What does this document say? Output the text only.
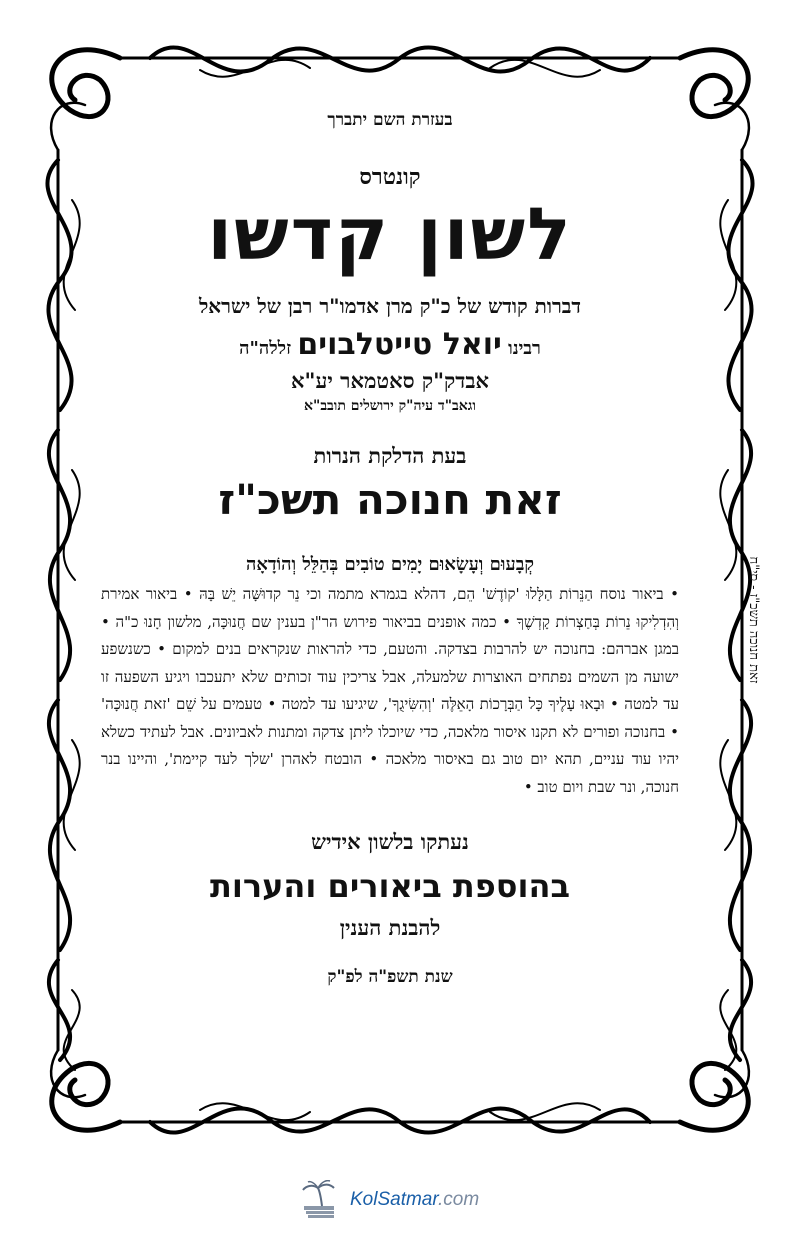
בעזרת השם יתברך
קונטרס
לשון קדשו
דברות קודש של כ"ק מרן אדמו"ר רבן של ישראל
רבינו יואל טייטלבוים זללה"ה
אבדק"ק סאטמאר יע"א
וגאב"ד עיה"ק ירושלים תובב"א
בעת הדלקת הנרות
זאת חנוכה תשכ"ז
קְבָעוּם וְעָשָׂאוּם יָמִים טוֹבִים בְּהַלֵּל וְהוֹדָאָה
• ביאור נוסח הַנֵּרוֹת הַלָּלוּ 'קוֹדֶשׁ' הֵם, דהלא בגמרא מתמה וכי נֵר קדוּשָּׁה יֵשׁ בָּהּ • ביאור אמירת וְהִדְלִיקוּ נֵרוֹת בְּחַצְרוֹת קָדְשֶׁךָ • כמה אופנים בביאור פירוש הר"ן בענין שם חֲנוּכָּה, מלשון חָנוּ כ"ה • במגן אברהם: בחנוכה יש להרבות בצדקה. והטעם, כדי להראות שנקראים בנים למקום • כשנשפע ישועה מן השמים נפתחים האוצרות שלמעלה, אבל צריכין עוד זכותים שלא יתעכבו ויגיע השפעה זו עד למטה • וּבָאוּ עָלֶיךָ כָּל הַבְּרָכוֹת הָאֵלֶּה 'וְהִשִּׂיגֻךָ', שיגיעו עד למטה • טעמים על שֵׁם 'זאת חֲנוּכָּה' • בחנוכה ופורים לא תקנו איסור מלאכה, כדי שיוכלו ליתן צדקה ומתנות לאביונים. אבל לעתיד כשלא יהיו עוד עניים, תהא יום טוב גם באיסור מלאכה • הובטח לאהרן 'שלך לעד קיימת', והיינו בנר חנוכה, ונר שבת ויום טוב •
נעתקו בלשון אידיש
בהוספת ביאורים והערות
להבנת הענין
שנת תשפ"ה לפ"ק
זאת חנוכה תשכ"ז - סי"ח
KolSatmar.com
